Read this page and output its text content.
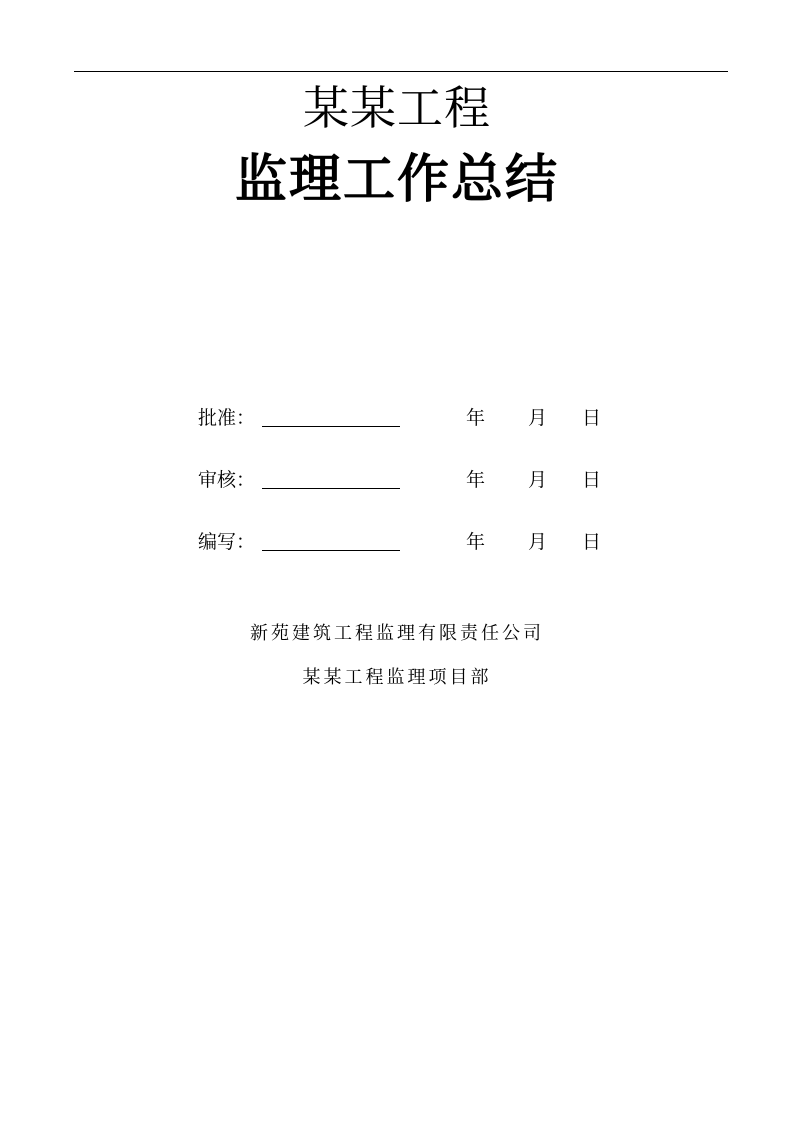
某某工程
监理工作总结
批准：	年 月 日
审核：	年 月 日
编写：	年 月 日
新苑建筑工程监理有限责任公司
某某工程监理项目部
